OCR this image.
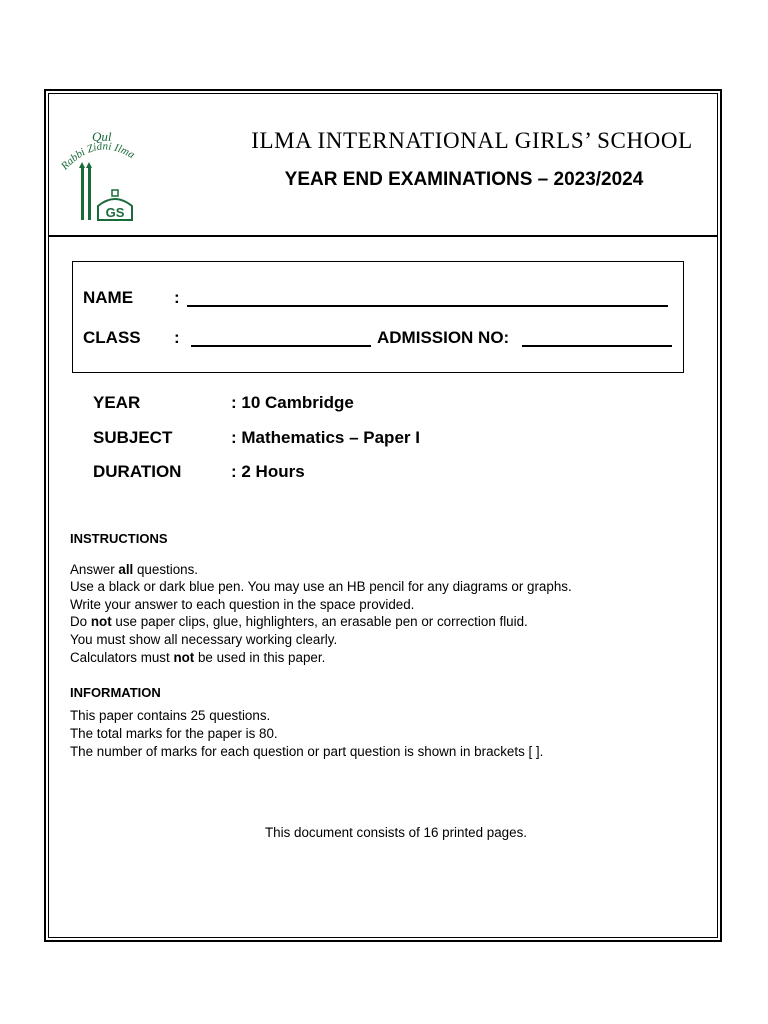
Qul
Rabbi Zidni Ilma
GS
ILMA INTERNATIONAL GIRLS’ SCHOOL
YEAR END EXAMINATIONS – 2023/2024
NAME :
CLASS :	ADMISSION NO:
YEAR	: 10 Cambridge
SUBJECT	: Mathematics – Paper I
DURATION	: 2 Hours
INSTRUCTIONS
Answer all questions.
Use a black or dark blue pen. You may use an HB pencil for any diagrams or graphs.
Write your answer to each question in the space provided.
Do not use paper clips, glue, highlighters, an erasable pen or correction fluid.
You must show all necessary working clearly.
Calculators must not be used in this paper.
INFORMATION
This paper contains 25 questions.
The total marks for the paper is 80.
The number of marks for each question or part question is shown in brackets [ ].
This document consists of 16 printed pages.
